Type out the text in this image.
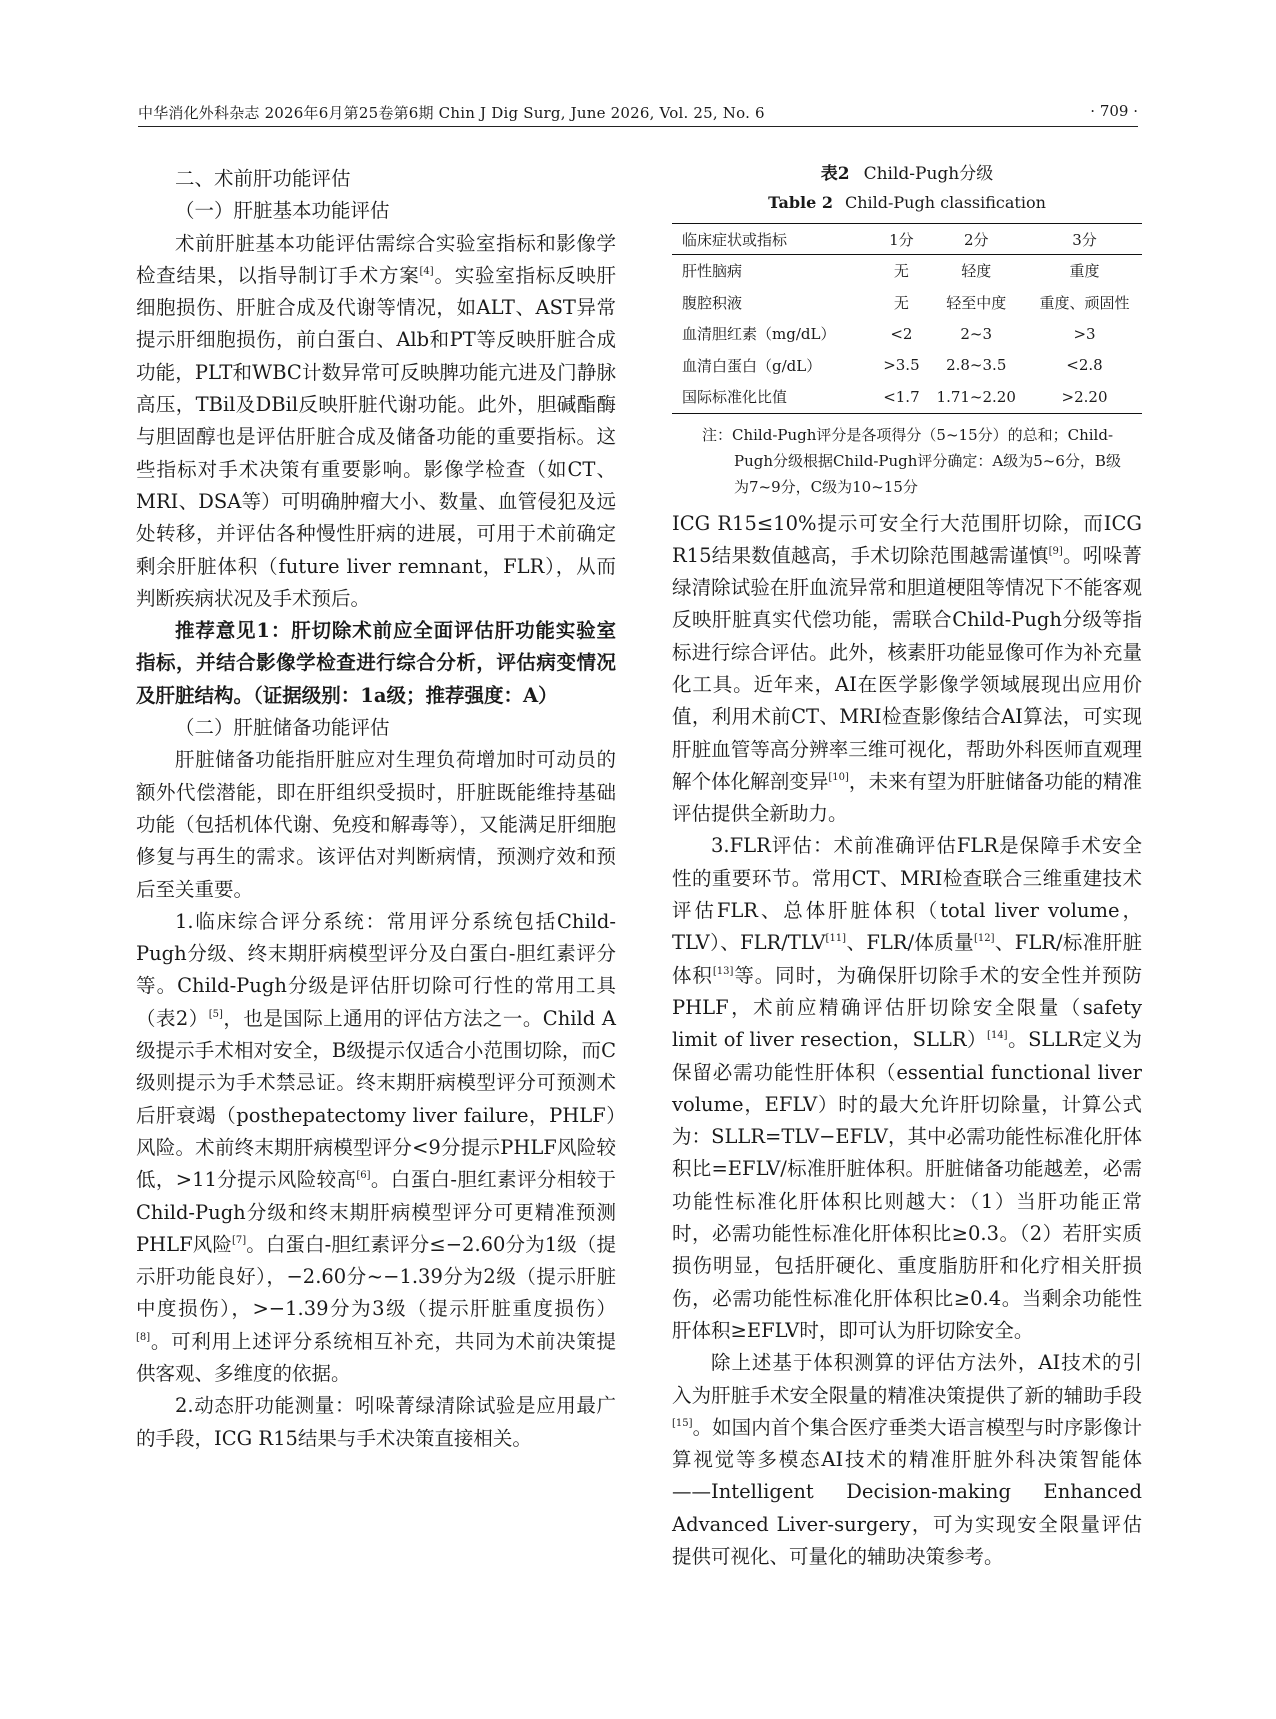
中华消化外科杂志 2026年6月第25卷第6期 Chin J Dig Surg, June 2026, Vol. 25, No. 6	· 709 ·

二、术前肝功能评估

（一）肝脏基本功能评估

术前肝脏基本功能评估需综合实验室指标和影像学检查结果，以指导制订手术方案[4]。实验室指标反映肝细胞损伤、肝脏合成及代谢等情况，如ALT、AST异常提示肝细胞损伤，前白蛋白、Alb和PT等反映肝脏合成功能，PLT和WBC计数异常可反映脾功能亢进及门静脉高压，TBil及DBil反映肝脏代谢功能。此外，胆碱酯酶与胆固醇也是评估肝脏合成及储备功能的重要指标。这些指标对手术决策有重要影响。影像学检查（如CT、MRI、DSA等）可明确肿瘤大小、数量、血管侵犯及远处转移，并评估各种慢性肝病的进展，可用于术前确定剩余肝脏体积（future liver remnant，FLR），从而判断疾病状况及手术预后。

推荐意见1：肝切除术前应全面评估肝功能实验室指标，并结合影像学检查进行综合分析，评估病变情况及肝脏结构。（证据级别：1a级；推荐强度：A）

（二）肝脏储备功能评估

肝脏储备功能指肝脏应对生理负荷增加时可动员的额外代偿潜能，即在肝组织受损时，肝脏既能维持基础功能（包括机体代谢、免疫和解毒等），又能满足肝细胞修复与再生的需求。该评估对判断病情，预测疗效和预后至关重要。

1.临床综合评分系统：常用评分系统包括Child-Pugh分级、终末期肝病模型评分及白蛋白-胆红素评分等。Child-Pugh分级是评估肝切除可行性的常用工具（表2）[5]，也是国际上通用的评估方法之一。Child A级提示手术相对安全，B级提示仅适合小范围切除，而C级则提示为手术禁忌证。终末期肝病模型评分可预测术后肝衰竭（posthepatectomy liver failure，PHLF）风险。术前终末期肝病模型评分<9分提示PHLF风险较低，>11分提示风险较高[6]。白蛋白-胆红素评分相较于Child-Pugh分级和终末期肝病模型评分可更精准预测PHLF风险[7]。白蛋白-胆红素评分≤−2.60分为1级（提示肝功能良好），−2.60分~−1.39分为2级（提示肝脏中度损伤），>−1.39分为3级（提示肝脏重度损伤）[8]。可利用上述评分系统相互补充，共同为术前决策提供客观、多维度的依据。

2.动态肝功能测量：吲哚菁绿清除试验是应用最广的手段，ICG R15结果与手术决策直接相关。

表2 Child-Pugh分级
Table 2 Child-Pugh classification
临床症状或指标	1分	2分	3分
肝性脑病	无	轻度	重度
腹腔积液	无	轻至中度	重度、顽固性
血清胆红素（mg/dL）	<2	2~3	>3
血清白蛋白（g/dL）	>3.5	2.8~3.5	<2.8
国际标准化比值	<1.7	1.71~2.20	>2.20
注：Child-Pugh评分是各项得分（5~15分）的总和；Child-
Pugh分级根据Child-Pugh评分确定：A级为5~6分，B级
为7~9分，C级为10~15分

ICG R15≤10%提示可安全行大范围肝切除，而ICG R15结果数值越高，手术切除范围越需谨慎[9]。吲哚菁绿清除试验在肝血流异常和胆道梗阻等情况下不能客观反映肝脏真实代偿功能，需联合Child-Pugh分级等指标进行综合评估。此外，核素肝功能显像可作为补充量化工具。近年来，AI在医学影像学领域展现出应用价值，利用术前CT、MRI检查影像结合AI算法，可实现肝脏血管等高分辨率三维可视化，帮助外科医师直观理解个体化解剖变异[10]，未来有望为肝脏储备功能的精准评估提供全新助力。

3.FLR评估：术前准确评估FLR是保障手术安全性的重要环节。常用CT、MRI检查联合三维重建技术评估FLR、总体肝脏体积（total liver volume，TLV）、FLR/TLV[11]、FLR/体质量[12]、FLR/标准肝脏体积[13]等。同时，为确保肝切除手术的安全性并预防PHLF，术前应精确评估肝切除安全限量（safety limit of liver resection，SLLR）[14]。SLLR定义为保留必需功能性肝体积（essential functional liver volume，EFLV）时的最大允许肝切除量，计算公式为：SLLR=TLV−EFLV，其中必需功能性标准化肝体积比=EFLV/标准肝脏体积。肝脏储备功能越差，必需功能性标准化肝体积比则越大：（1）当肝功能正常时，必需功能性标准化肝体积比≥0.3。（2）若肝实质损伤明显，包括肝硬化、重度脂肪肝和化疗相关肝损伤，必需功能性标准化肝体积比≥0.4。当剩余功能性肝体积≥EFLV时，即可认为肝切除安全。

除上述基于体积测算的评估方法外，AI技术的引入为肝脏手术安全限量的精准决策提供了新的辅助手段[15]。如国内首个集合医疗垂类大语言模型与时序影像计算视觉等多模态AI技术的精准肝脏外科决策智能体——Intelligent Decision-making Enhanced Advanced Liver-surgery，可为实现安全限量评估提供可视化、可量化的辅助决策参考。
